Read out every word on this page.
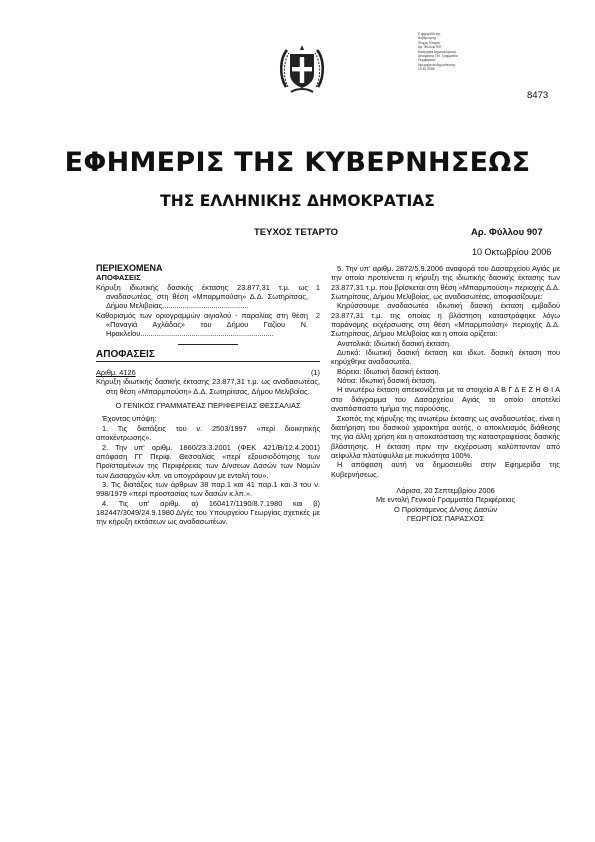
Ε φημερίδα της
Κυβέρνησης
Τεύχος Τέταρτο
Αρ. Φύλλου 907
Κατηγορία Δημοσιεύματος
Αποφάσεις Γεν. Γραμματέα
Περιφέρειας
Ημερομηνία Δημοσίευσης
10.10.2006
8473
ΕΦΗΜΕΡΙΣ ΤΗΣ ΚΥΒΕΡΝΗΣΕΩΣ
ΤΗΣ ΕΛΛΗΝΙΚΗΣ ΔΗΜΟΚΡΑΤΙΑΣ
ΤΕΥΧΟΣ ΤΕΤΑΡΤΟ	Αρ. Φύλλου 907
10 Οκτωβρίου 2006

ΠΕΡΙΕΧΟΜΕΝΑ

ΑΠΟΦΑΣΕΙΣ

Κήρυξη ιδιωτικής δασικής έκτασης 23.877,31 τ.μ. ως αναδασωτέας, στη θέση «Μπαρμπούση» Δ.Δ. Σωτηρίτσας, Δήμου Μελιβοίας..........................................

1

Καθορισμός των οριογραμμών αιγιαλού - παραλίας στη θέση «Παναγιά Αχλάδας» του Δήμου Γαζίου Ν. Ηρακλείου.................................................................

2

ΑΠΟΦΑΣΕΙΣ

Αριθμ. 4126	(1)

Κήρυξη ιδιωτικής δασικής έκτασης 23.877,31 τ.μ. ως αναδασωτέας, στη θέση «Μπαρμπούση» Δ.Δ. Σωτηρίτσας, Δήμου Μελιβοίας.

Ο ΓΕΝΙΚΟΣ ΓΡΑΜΜΑΤΕΑΣ ΠΕΡΙΦΕΡΕΙΑΣ ΘΕΣΣΑΛΙΑΣ

Έχοντας υπόψη:

1. Τις διατάξεις του ν. 2503/1997 «περί διοικητικής αποκέντρωσης».

2. Την υπ' αριθμ. 1860/23.3.2001 (ΦΕΚ 421/Β/12.4.2001) απόφαση ΓΓ Περιφ. Θεσσαλίας «περί εξουσιοδότησης των Προϊσταμένων της Περιφέρειας των Δ/νσεων Δασών των Νομών των Δασαρχών κλπ. να υπογράφουν με εντολή του».

3. Τις διατάξεις των άρθρων 38 παρ.1 και 41 παρ.1 και 3 του ν. 998/1979 «περί προστασίας των δασών κ.λπ.».

4. Τις υπ' αριθμ. α) 160417/1190/8.7.1980 και β) 182447/3049/24.9.1980 Δ/γές του Υπουργείου Γεωργίας σχετικές με την κήρυξη εκτάσεων ως αναδασωτέων.

5. Την υπ' αριθμ. 2872/5.9.2006 αναφορά του Δασαρχείου Αγιάς με την οποία προτείνεται η κήρυξη της ιδιωτικής δασικής έκτασης των 23.877,31 τ.μ. που βρίσκεται στη θέση «Μπαρμπούση» περιοχής Δ.Δ. Σωτηρίτσας, Δήμου Μελιβοίας, ως αναδασωτέας, αποφασίζουμε:

Κηρύσσουμε αναδασωτέα ιδιωτική δασική έκταση εμβαδού 23.877,31 τ.μ. της οποίας η βλάστηση καταστράφηκε λόγω παράνομης εκχέρσωσης στη θέση «Μπαρμπούση» περιοχής Δ.Δ. Σωτηρίτσας, Δήμου Μελιβοίας και η οποία ορίζεται:

Ανατολικά: Ιδιωτική δασική έκταση.

Δυτικά: Ιδιωτική δασική έκταση και ιδιωτ. δασική έκταση που κηρύχθηκε αναδασωτέα.

Βόρεια: Ιδιωτική δασική έκταση.

Νότια: Ιδιωτική δασική έκταση.

Η ανωτέρω έκταση απεικονίζεται με τα στοιχεία Α Β Γ Δ Ε Ζ Η Θ Ι Α στο διάγραμμα του Δασαρχείου Αγιάς το οποίο αποτελεί αναπόσπαστο τμήμα της παρούσης.

Σκοπός της κήρυξης της ανωτέρω έκτασης ως αναδασωτέας, είναι η διατήρηση του δασικού χαρακτήρα αυτής, ο αποκλεισμός διάθεσης της για άλλη χρήση και η αποκατάσταση της καταστραφείσας δασικής βλάστησης. Η έκταση πριν την εκχέρσωση καλύπτονταν από αείφυλλα πλατύφυλλα με πυκνότητα 100%.

Η απόφαση αυτή να δημοσιευθεί στην Εφημερίδα της Κυβερνήσεως.

Λάρισα, 20 Σεπτεμβρίου 2006

Με εντολή Γενικού Γραμματέα Περιφέρειας

Ο Προϊστάμενος Δ/νσης Δασών

ΓΕΩΡΓΙΟΣ ΠΑΡΑΣΧΟΣ
